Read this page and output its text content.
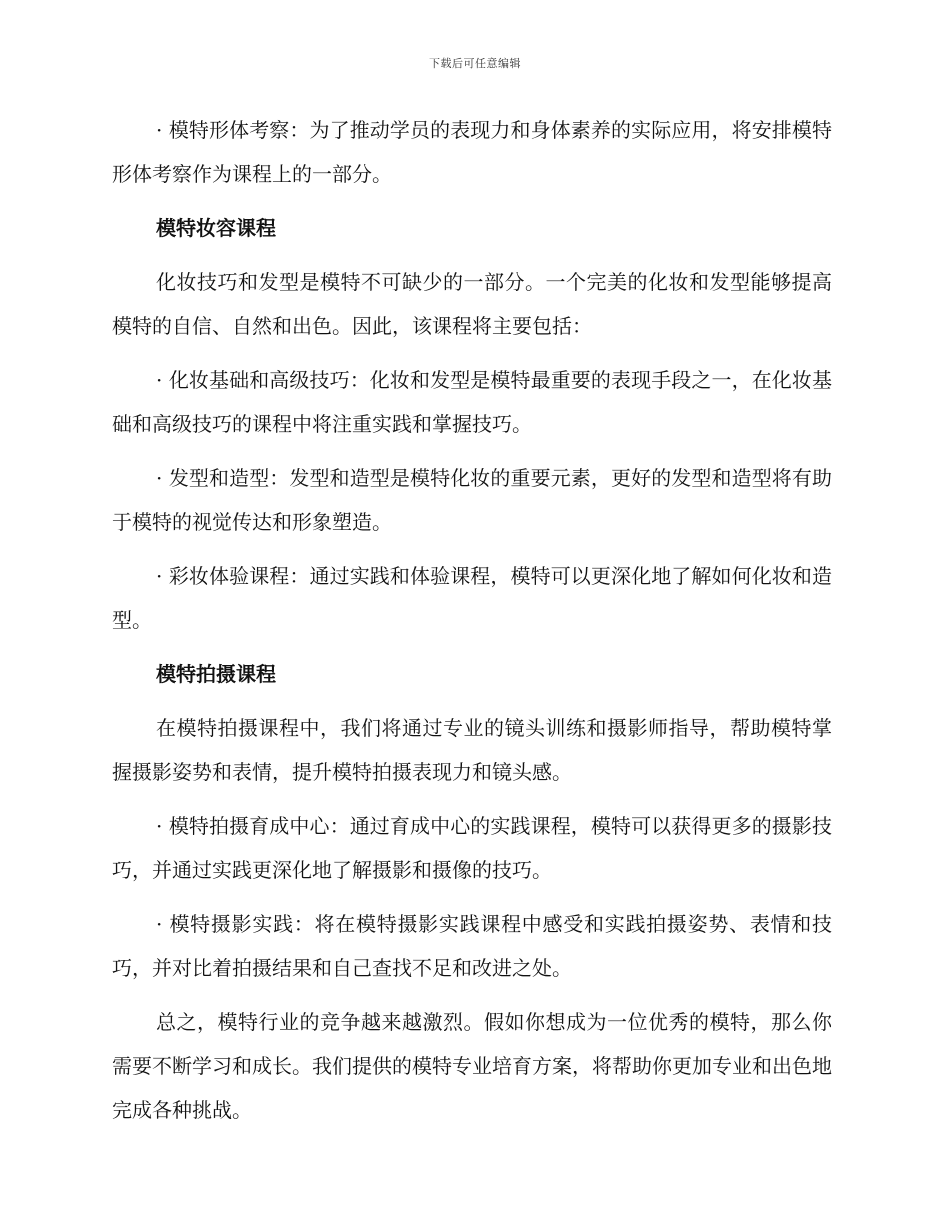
下载后可任意编辑

· 模特形体考察：为了推动学员的表现力和身体素养的实际应用，将安排模特形体考察作为课程上的一部分。

模特妆容课程

化妆技巧和发型是模特不可缺少的一部分。一个完美的化妆和发型能够提高模特的自信、自然和出色。因此，该课程将主要包括：

· 化妆基础和高级技巧：化妆和发型是模特最重要的表现手段之一，在化妆基础和高级技巧的课程中将注重实践和掌握技巧。

· 发型和造型：发型和造型是模特化妆的重要元素，更好的发型和造型将有助于模特的视觉传达和形象塑造。

· 彩妆体验课程：通过实践和体验课程，模特可以更深化地了解如何化妆和造型。

模特拍摄课程

在模特拍摄课程中，我们将通过专业的镜头训练和摄影师指导，帮助模特掌握摄影姿势和表情，提升模特拍摄表现力和镜头感。

· 模特拍摄育成中心：通过育成中心的实践课程，模特可以获得更多的摄影技巧，并通过实践更深化地了解摄影和摄像的技巧。

· 模特摄影实践：将在模特摄影实践课程中感受和实践拍摄姿势、表情和技巧，并对比着拍摄结果和自己查找不足和改进之处。

总之，模特行业的竞争越来越激烈。假如你想成为一位优秀的模特，那么你需要不断学习和成长。我们提供的模特专业培育方案，将帮助你更加专业和出色地完成各种挑战。
